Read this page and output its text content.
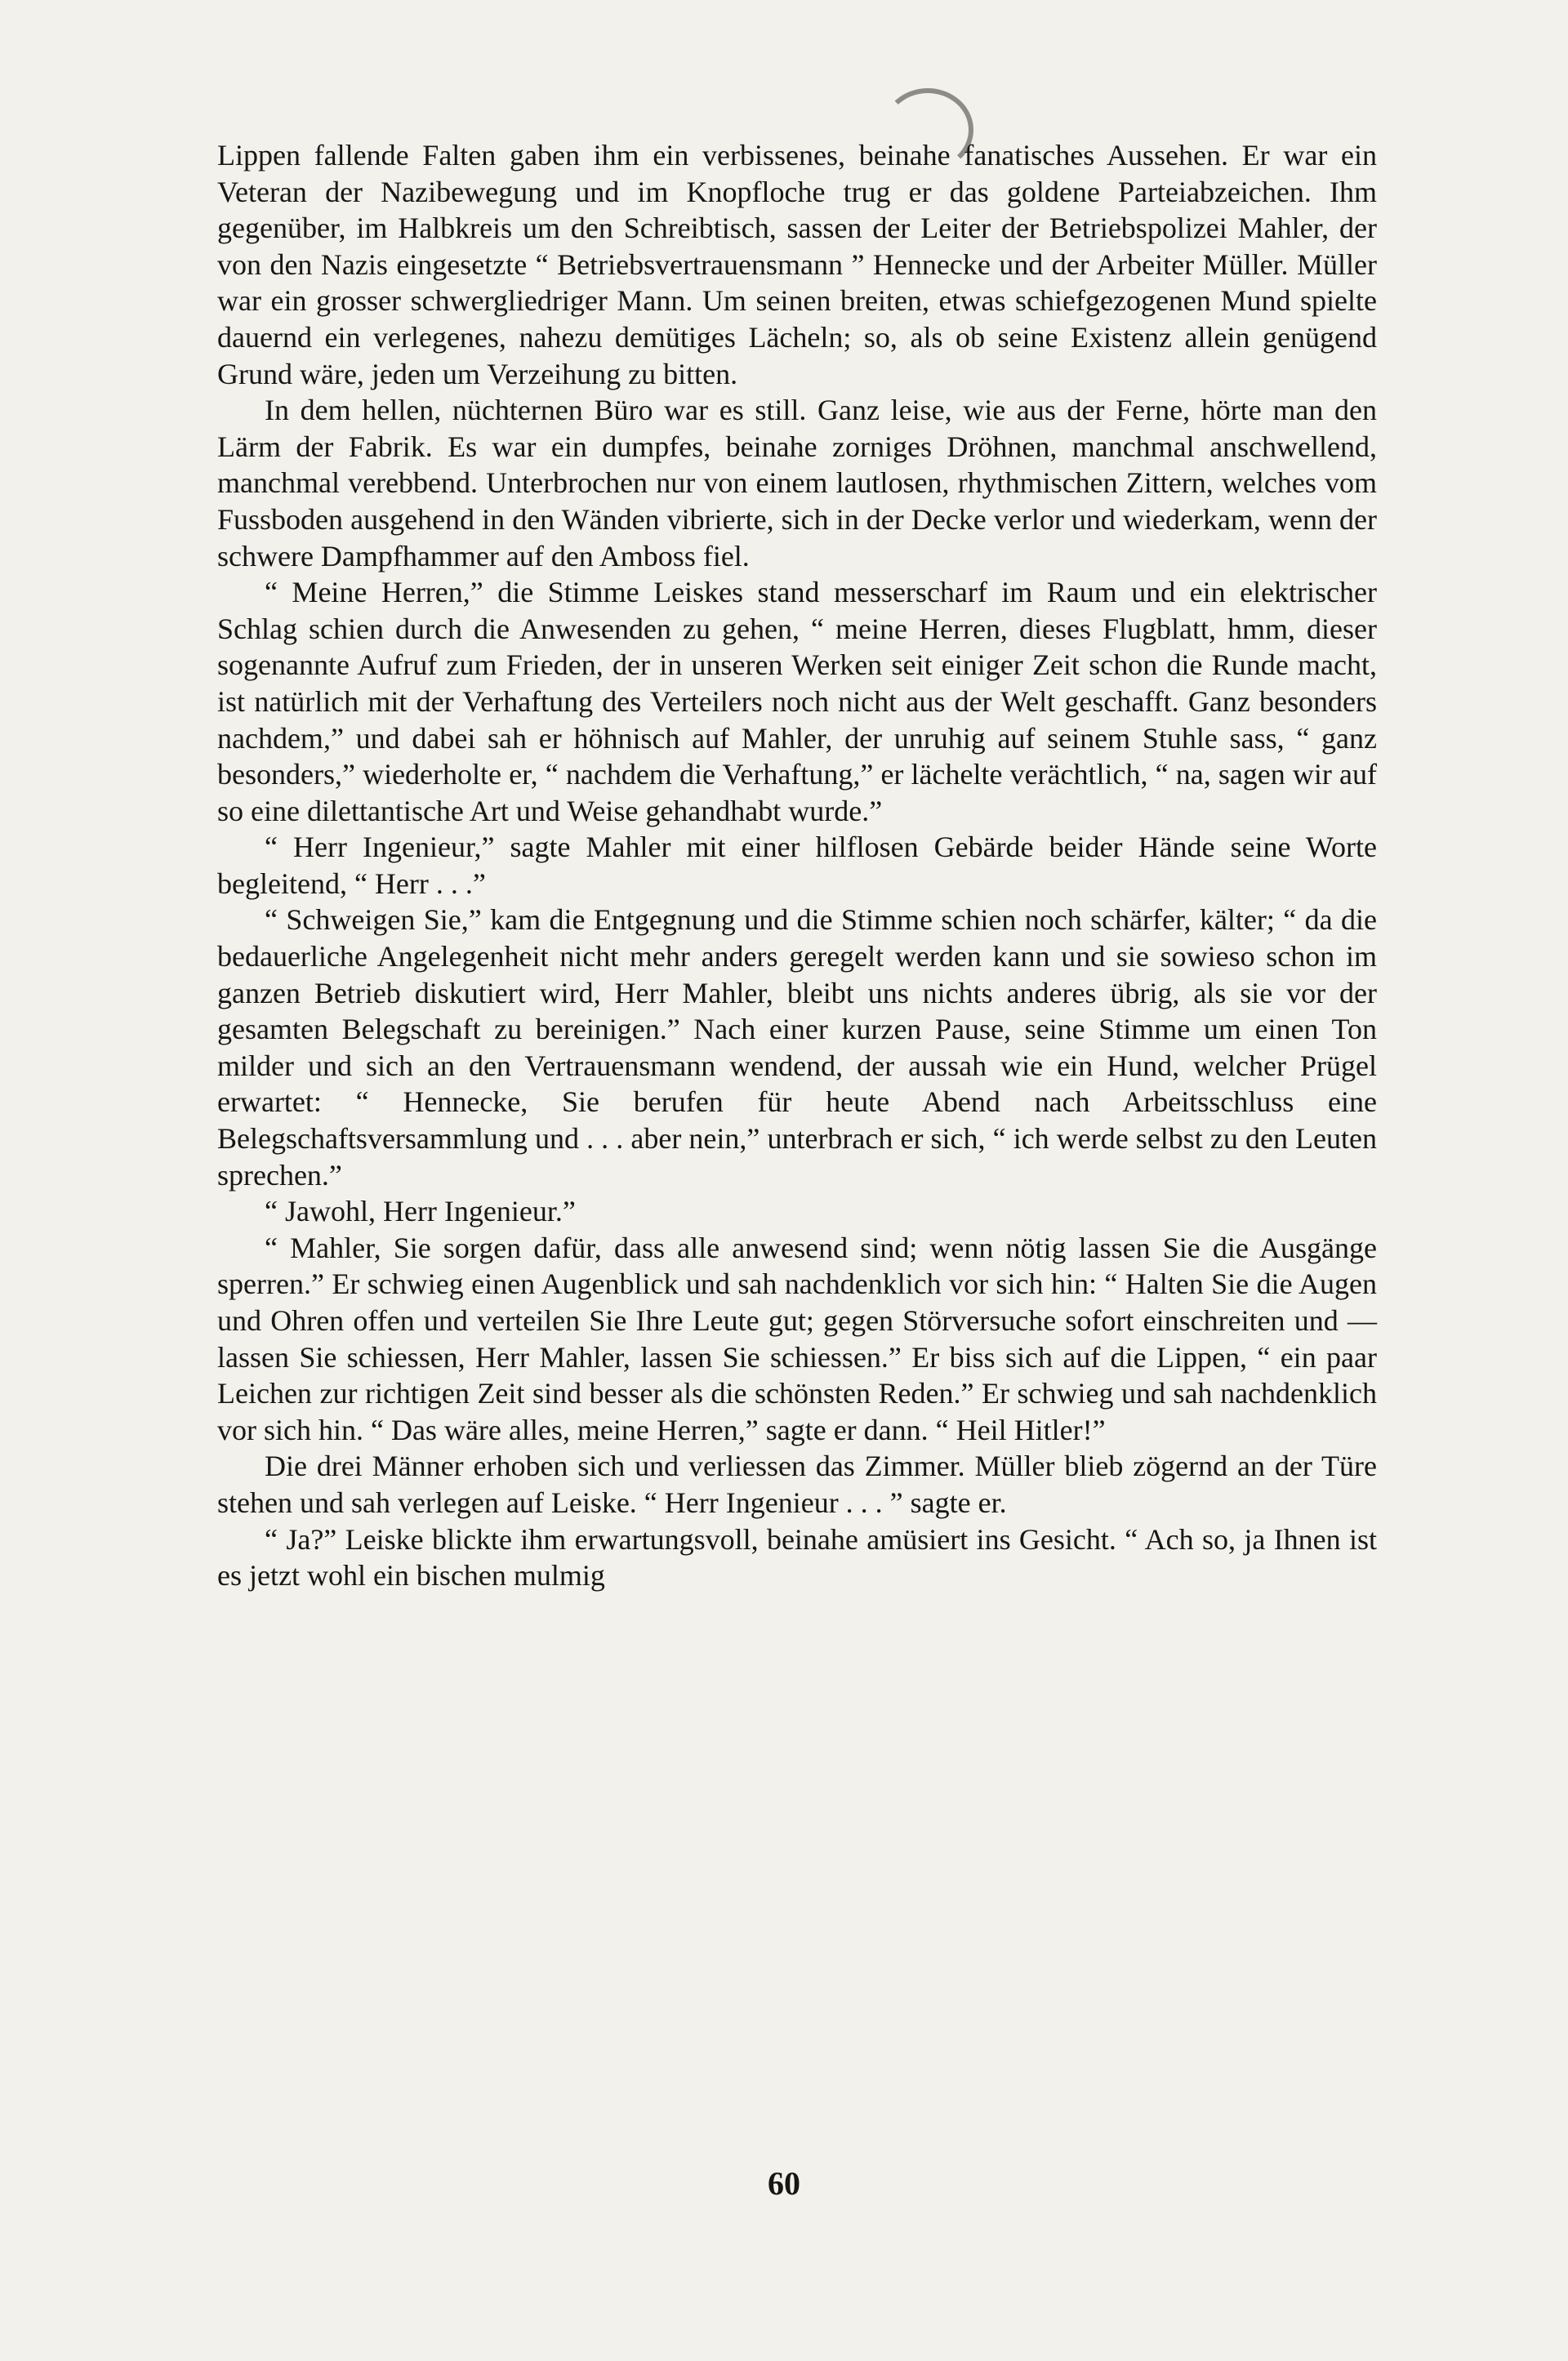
Lippen fallende Falten gaben ihm ein verbissenes, beinahe fanatisches Aussehen. Er war ein Veteran der Nazibewegung und im Knopfloche trug er das goldene Parteiabzeichen. Ihm gegenüber, im Halbkreis um den Schreibtisch, sassen der Leiter der Betriebspolizei Mahler, der von den Nazis eingesetzte “ Betriebsvertrauensmann ” Hennecke und der Arbeiter Müller. Müller war ein grosser schwergliedriger Mann. Um seinen breiten, etwas schiefgezogenen Mund spielte dauernd ein verlegenes, nahezu demütiges Lächeln; so, als ob seine Existenz allein genügend Grund wäre, jeden um Verzeihung zu bitten.

In dem hellen, nüchternen Büro war es still. Ganz leise, wie aus der Ferne, hörte man den Lärm der Fabrik. Es war ein dumpfes, beinahe zorniges Dröhnen, manchmal anschwellend, manchmal verebbend. Unterbrochen nur von einem lautlosen, rhythmischen Zittern, welches vom Fussboden ausgehend in den Wänden vibrierte, sich in der Decke verlor und wiederkam, wenn der schwere Dampfhammer auf den Amboss fiel.

“ Meine Herren,” die Stimme Leiskes stand messerscharf im Raum und ein elektrischer Schlag schien durch die Anwesenden zu gehen, “ meine Herren, dieses Flugblatt, hmm, dieser sogenannte Aufruf zum Frieden, der in unseren Werken seit einiger Zeit schon die Runde macht, ist natürlich mit der Verhaftung des Verteilers noch nicht aus der Welt geschafft. Ganz besonders nachdem,” und dabei sah er höhnisch auf Mahler, der unruhig auf seinem Stuhle sass, “ ganz besonders,” wiederholte er, “ nachdem die Verhaftung,” er lächelte verächtlich, “ na, sagen wir auf so eine dilettantische Art und Weise gehandhabt wurde.”

“ Herr Ingenieur,” sagte Mahler mit einer hilflosen Gebärde beider Hände seine Worte begleitend, “ Herr . . .”

“ Schweigen Sie,” kam die Entgegnung und die Stimme schien noch schärfer, kälter; “ da die bedauerliche Angelegenheit nicht mehr anders geregelt werden kann und sie sowieso schon im ganzen Betrieb diskutiert wird, Herr Mahler, bleibt uns nichts anderes übrig, als sie vor der gesamten Belegschaft zu bereinigen.” Nach einer kurzen Pause, seine Stimme um einen Ton milder und sich an den Vertrauensmann wendend, der aussah wie ein Hund, welcher Prügel erwartet: “ Hennecke, Sie berufen für heute Abend nach Arbeitsschluss eine Belegschaftsversammlung und . . . aber nein,” unterbrach er sich, “ ich werde selbst zu den Leuten sprechen.”

“ Jawohl, Herr Ingenieur.”

“ Mahler, Sie sorgen dafür, dass alle anwesend sind; wenn nötig lassen Sie die Ausgänge sperren.” Er schwieg einen Augenblick und sah nachdenklich vor sich hin: “ Halten Sie die Augen und Ohren offen und verteilen Sie Ihre Leute gut; gegen Störversuche sofort einschreiten und — lassen Sie schiessen, Herr Mahler, lassen Sie schiessen.” Er biss sich auf die Lippen, “ ein paar Leichen zur richtigen Zeit sind besser als die schönsten Reden.” Er schwieg und sah nachdenklich vor sich hin. “ Das wäre alles, meine Herren,” sagte er dann. “ Heil Hitler!”

Die drei Männer erhoben sich und verliessen das Zimmer. Müller blieb zögernd an der Türe stehen und sah verlegen auf Leiske. “ Herr Ingenieur . . . ” sagte er.

“ Ja?” Leiske blickte ihm erwartungsvoll, beinahe amüsiert ins Gesicht. “ Ach so, ja Ihnen ist es jetzt wohl ein bischen mulmig

60
